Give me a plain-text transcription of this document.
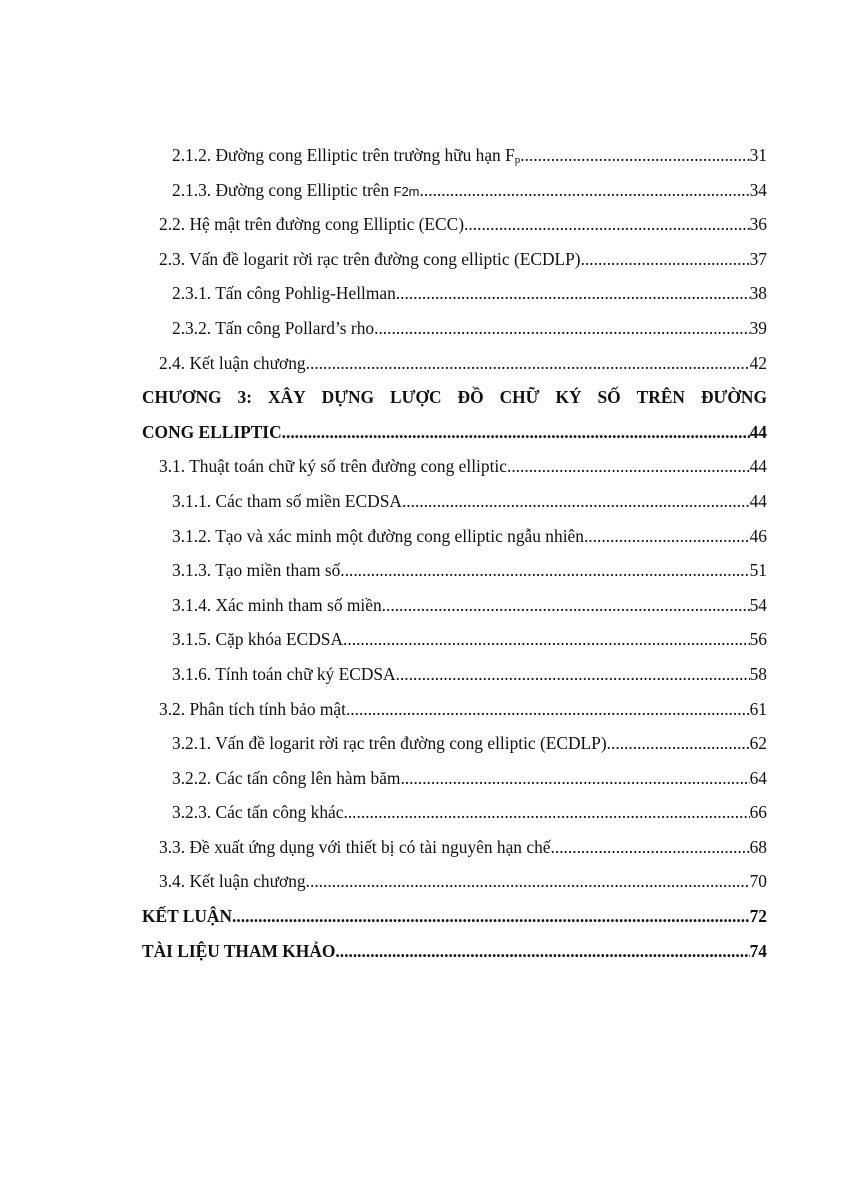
2.1.2. Đường cong Elliptic trên trường hữu hạn $F_p$ .....	31
2.1.3. Đường cong Elliptic trên F2m .....	34
2.2. Hệ mật trên đường cong Elliptic (ECC) .....	36
2.3. Vấn đề logarit rời rạc trên đường cong elliptic (ECDLP) .....	37
2.3.1. Tấn công Pohlig-Hellman .....	38
2.3.2. Tấn công Pollard’s rho .....	39
2.4. Kết luận chương .....	42
CHƯƠNG 3: XÂY DỰNG LƯỢC ĐỒ CHỮ KÝ SỐ TRÊN ĐƯỜNG
CONG ELLIPTIC .....	44
3.1. Thuật toán chữ ký số trên đường cong elliptic .....	44
3.1.1. Các tham số miền ECDSA .....	44
3.1.2. Tạo và xác minh một đường cong elliptic ngẫu nhiên .....	46
3.1.3. Tạo miền tham số .....	51
3.1.4. Xác minh tham số miền .....	54
3.1.5. Cặp khóa ECDSA .....	56
3.1.6. Tính toán chữ ký ECDSA .....	58
3.2. Phân tích tính bảo mật .....	61
3.2.1. Vấn đề logarit rời rạc trên đường cong elliptic (ECDLP) .....	62
3.2.2. Các tấn công lên hàm băm .....	64
3.2.3. Các tấn công khác .....	66
3.3. Đề xuất ứng dụng với thiết bị có tài nguyên hạn chế .....	68
3.4. Kết luận chương .....	70
KẾT LUẬN .....	72
TÀI LIỆU THAM KHẢO .....	74
